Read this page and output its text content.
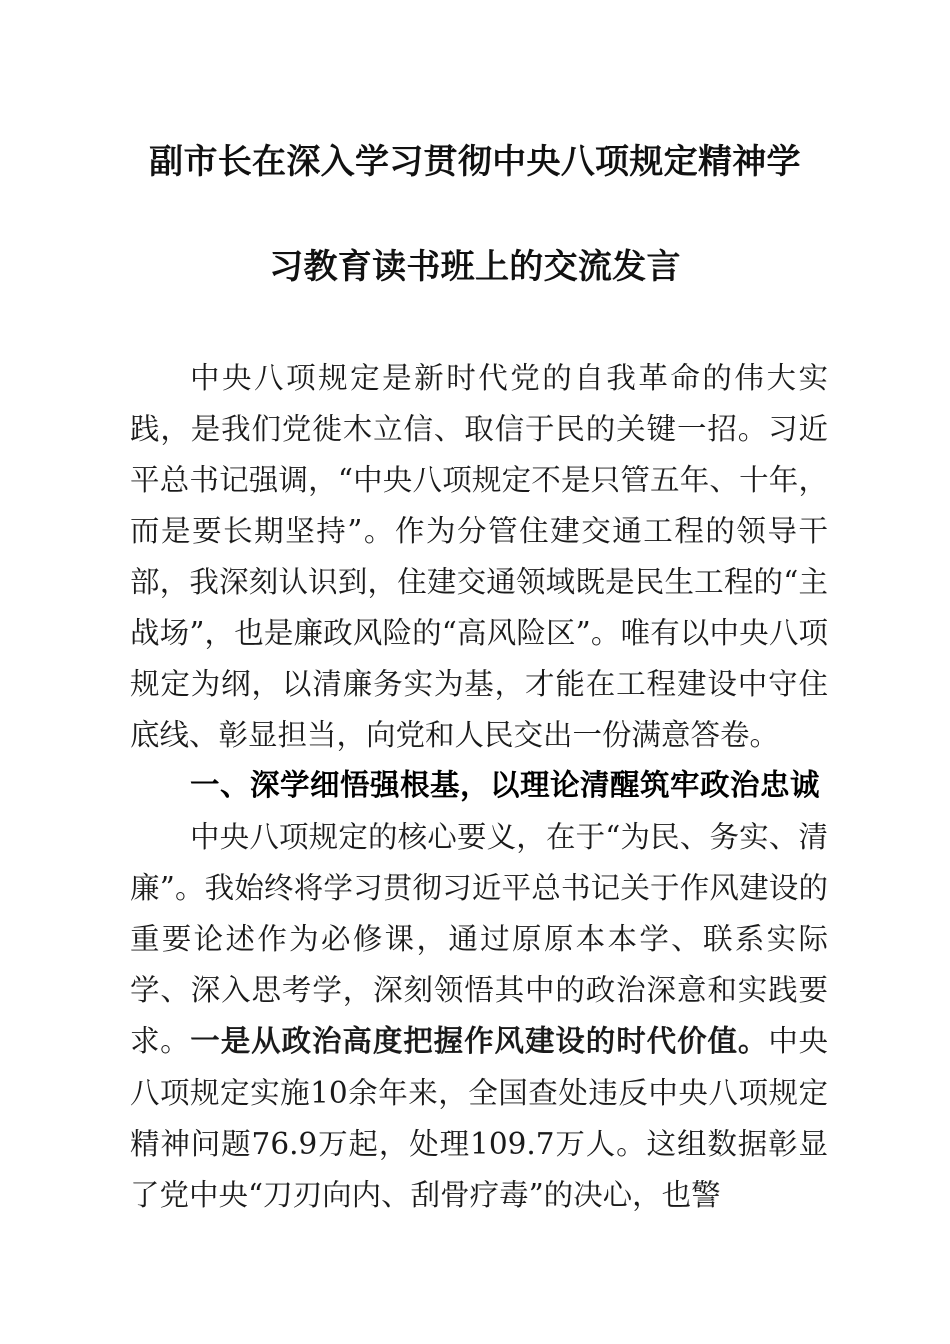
副市长在深入学习贯彻中央八项规定精神学
习教育读书班上的交流发言

中央八项规定是新时代党的自我革命的伟大实践，是我们党徙木立信、取信于民的关键一招。习近平总书记强调，“中央八项规定不是只管五年、十年，而是要长期坚持”。作为分管住建交通工程的领导干部，我深刻认识到，住建交通领域既是民生工程的“主战场”，也是廉政风险的“高风险区”。唯有以中央八项规定为纲，以清廉务实为基，才能在工程建设中守住底线、彰显担当，向党和人民交出一份满意答卷。

一、深学细悟强根基，以理论清醒筑牢政治忠诚

中央八项规定的核心要义，在于“为民、务实、清廉”。我始终将学习贯彻习近平总书记关于作风建设的重要论述作为必修课，通过原原本本学、联系实际学、深入思考学，深刻领悟其中的政治深意和实践要求。一是从政治高度把握作风建设的时代价值。中央八项规定实施10余年来，全国查处违反中央八项规定精神问题76.9万起，处理109.7万人。这组数据彰显了党中央“刀刃向内、刮骨疗毒”的决心，也警
